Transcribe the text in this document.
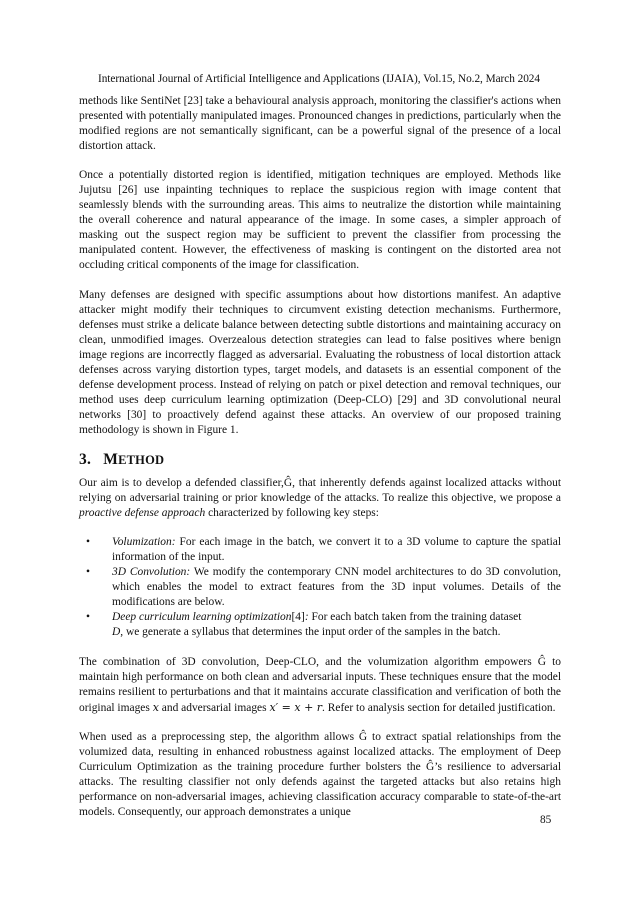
International Journal of Artificial Intelligence and Applications (IJAIA), Vol.15, No.2, March 2024

methods like SentiNet [23] take a behavioural analysis approach, monitoring the classifier's actions when presented with potentially manipulated images. Pronounced changes in predictions, particularly when the modified regions are not semantically significant, can be a powerful signal of the presence of a local distortion attack.

Once a potentially distorted region is identified, mitigation techniques are employed. Methods like Jujutsu [26] use inpainting techniques to replace the suspicious region with image content that seamlessly blends with the surrounding areas. This aims to neutralize the distortion while maintaining the overall coherence and natural appearance of the image. In some cases, a simpler approach of masking out the suspect region may be sufficient to prevent the classifier from processing the manipulated content. However, the effectiveness of masking is contingent on the distorted area not occluding critical components of the image for classification.

Many defenses are designed with specific assumptions about how distortions manifest. An adaptive attacker might modify their techniques to circumvent existing detection mechanisms. Furthermore, defenses must strike a delicate balance between detecting subtle distortions and maintaining accuracy on clean, unmodified images. Overzealous detection strategies can lead to false positives where benign image regions are incorrectly flagged as adversarial. Evaluating the robustness of local distortion attack defenses across varying distortion types, target models, and datasets is an essential component of the defense development process. Instead of relying on patch or pixel detection and removal techniques, our method uses deep curriculum learning optimization (Deep-CLO) [29] and 3D convolutional neural networks [30] to proactively defend against these attacks. An overview of our proposed training methodology is shown in Figure 1.

3. METHOD

Our aim is to develop a defended classifier,Ĝ, that inherently defends against localized attacks without relying on adversarial training or prior knowledge of the attacks. To realize this objective, we propose a proactive defense approach characterized by following key steps:

• Volumization: For each image in the batch, we convert it to a 3D volume to capture the spatial information of the input.
• 3D Convolution: We modify the contemporary CNN model architectures to do 3D convolution, which enables the model to extract features from the 3D input volumes. Details of the modifications are below.
• Deep curriculum learning optimization[4]: For each batch taken from the training dataset
D, we generate a syllabus that determines the input order of the samples in the batch.

The combination of 3D convolution, Deep-CLO, and the volumization algorithm empowers Ĝ to maintain high performance on both clean and adversarial inputs. These techniques ensure that the model remains resilient to perturbations and that it maintains accurate classification and verification of both the original images x and adversarial images x′ = x + r. Refer to analysis section for detailed justification.

When used as a preprocessing step, the algorithm allows Ĝ to extract spatial relationships from the volumized data, resulting in enhanced robustness against localized attacks. The employment of Deep Curriculum Optimization as the training procedure further bolsters the Ĝ’s resilience to adversarial attacks. The resulting classifier not only defends against the targeted attacks but also retains high performance on non-adversarial images, achieving classification accuracy comparable to state-of-the-art models. Consequently, our approach demonstrates a unique

85
